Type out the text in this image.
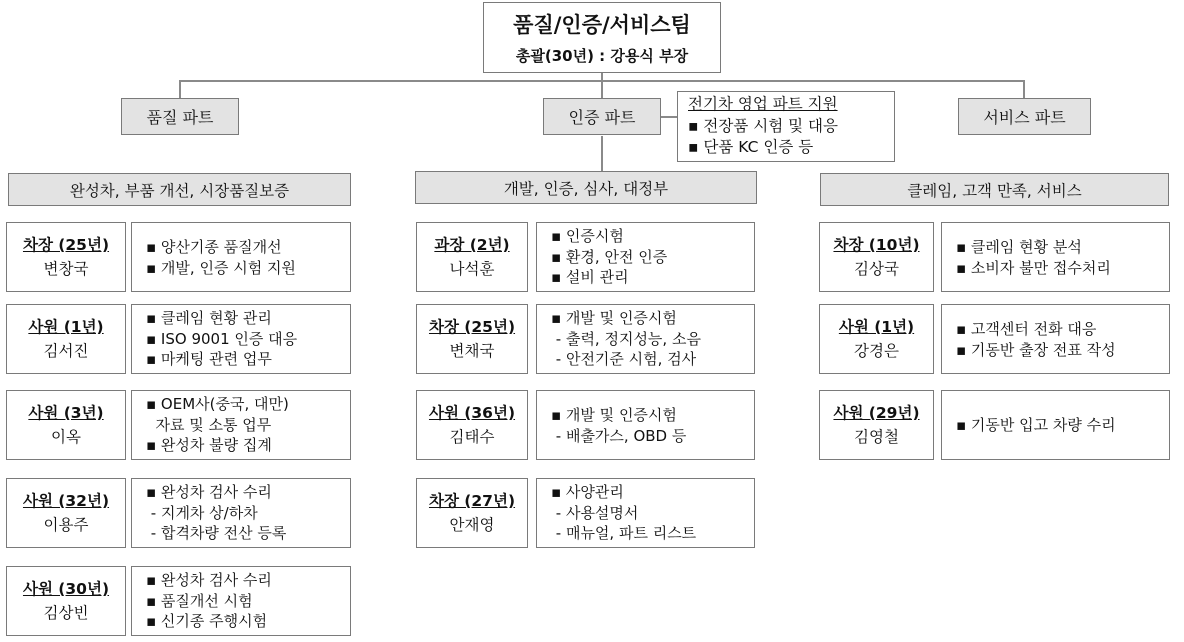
품질/인증/서비스팀
총괄(30년) : 강용식 부장
품질 파트	인증 파트	서비스 파트
전기차 영업 파트 지원
▪ 전장품 시험 및 대응
▪ 단품 KC 인증 등
완성차, 부품 개선, 시장품질보증	개발, 인증, 심사, 대정부	클레임, 고객 만족, 서비스
차장 (25년)
변창국
▪ 양산기종 품질개선
▪ 개발, 인증 시험 지원
사원 (1년)
김서진
▪ 클레임 현황 관리
▪ ISO 9001 인증 대응
▪ 마케팅 관련 업무
사원 (3년)
이옥
▪ OEM사(중국, 대만)
자료 및 소통 업무
▪ 완성차 불량 집계
사원 (32년)
이용주
▪ 완성차 검사 수리
- 지게차 상/하차
- 합격차량 전산 등록
사원 (30년)
김상빈
▪ 완성차 검사 수리
▪ 품질개선 시험
▪ 신기종 주행시험
과장 (2년)
나석훈
▪ 인증시험
▪ 환경, 안전 인증
▪ 설비 관리
차장 (25년)
변채국
▪ 개발 및 인증시험
- 출력, 정지성능, 소음
- 안전기준 시험, 검사
사원 (36년)
김태수
▪ 개발 및 인증시험
- 배출가스, OBD 등
차장 (27년)
안재영
▪ 사양관리
- 사용설명서
- 매뉴얼, 파트 리스트
차장 (10년)
김상국
▪ 클레임 현황 분석
▪ 소비자 불만 접수처리
사원 (1년)
강경은
▪ 고객센터 전화 대응
▪ 기동반 출장 전표 작성
사원 (29년)
김영철
▪ 기동반 입고 차량 수리
